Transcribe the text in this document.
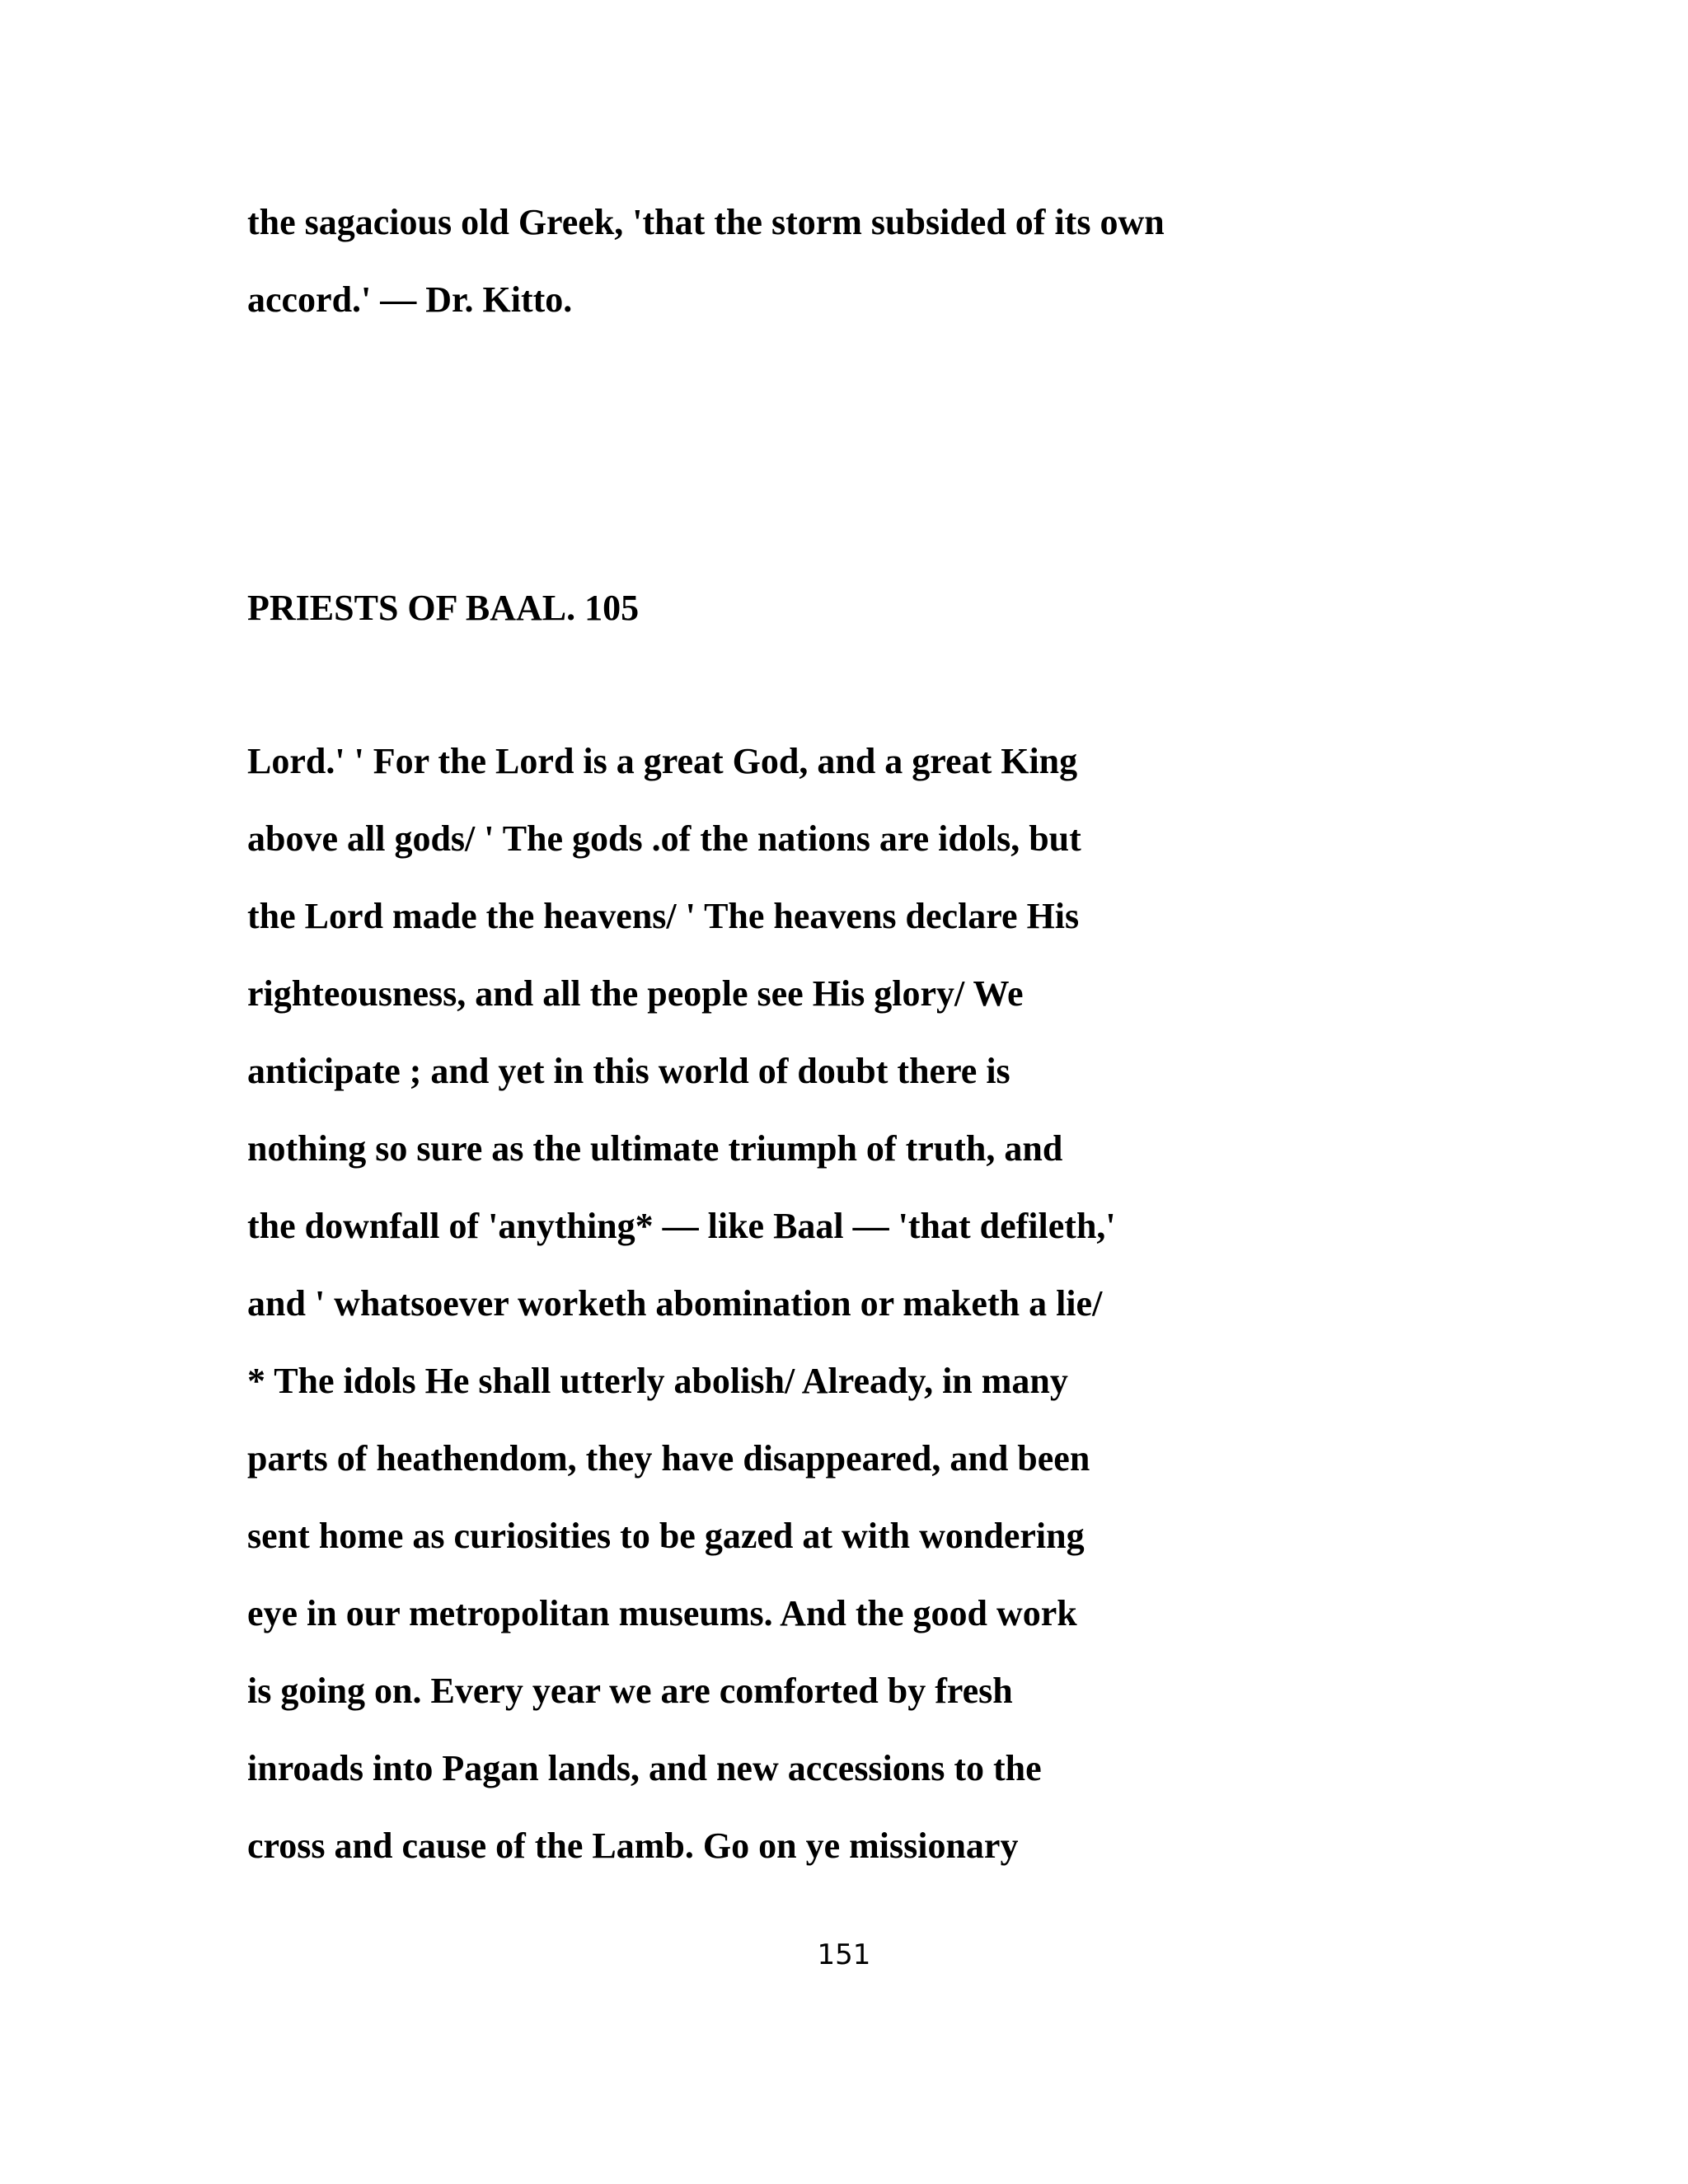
the sagacious old Greek, 'that the storm subsided of its own
accord.' — Dr. Kitto.
PRIESTS OF BAAL. 105
Lord.' ' For the Lord is a great God, and a great King
above all gods/ ' The gods .of the nations are idols, but
the Lord made the heavens/ ' The heavens declare His
righteousness, and all the people see His glory/ We
anticipate ; and yet in this world of doubt there is
nothing so sure as the ultimate triumph of truth, and
the downfall of 'anything* — like Baal — 'that defileth,'
and ' whatsoever worketh abomination or maketh a lie/
* The idols He shall utterly abolish/ Already, in many
parts of heathendom, they have disappeared, and been
sent home as curiosities to be gazed at with wondering
eye in our metropolitan museums. And the good work
is going on. Every year we are comforted by fresh
inroads into Pagan lands, and new accessions to the
cross and cause of the Lamb. Go on ye missionary
151
